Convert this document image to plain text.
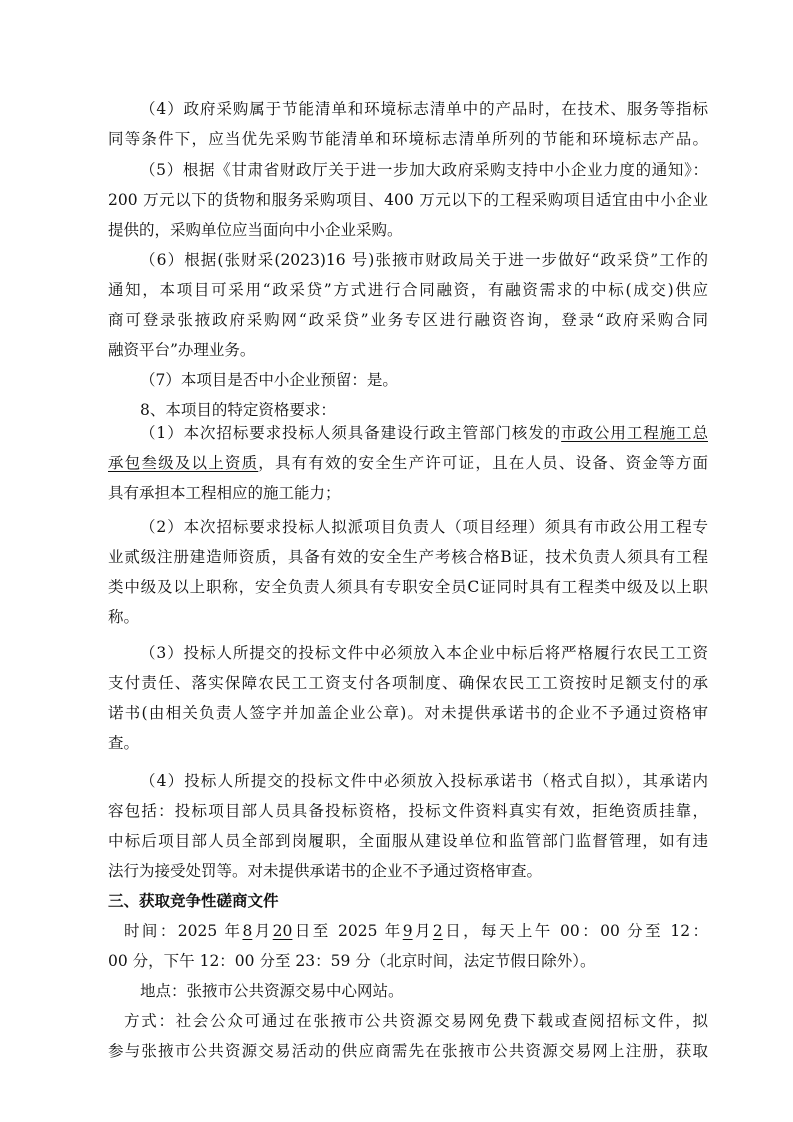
（4）政府采购属于节能清单和环境标志清单中的产品时，在技术、服务等指标
同等条件下，应当优先采购节能清单和环境标志清单所列的节能和环境标志产品。
（5）根据《甘肃省财政厅关于进一步加大政府采购支持中小企业力度的通知》：
200 万元以下的货物和服务采购项目、400 万元以下的工程采购项目适宜由中小企业
提供的，采购单位应当面向中小企业采购。
（6）根据(张财采(2023)16 号)张掖市财政局关于进一步做好“政采贷”工作的
通知，本项目可采用“政采贷”方式进行合同融资，有融资需求的中标(成交)供应
商可登录张掖政府采购网“政采贷”业务专区进行融资咨询，登录“政府采购合同
融资平台”办理业务。
（7）本项目是否中小企业预留：是。
8、本项目的特定资格要求：
（1）本次招标要求投标人须具备建设行政主管部门核发的市政公用工程施工总
承包叁级及以上资质，具有有效的安全生产许可证，且在人员、设备、资金等方面
具有承担本工程相应的施工能力；
（2）本次招标要求投标人拟派项目负责人（项目经理）须具有市政公用工程专
业贰级注册建造师资质，具备有效的安全生产考核合格B证，技术负责人须具有工程
类中级及以上职称，安全负责人须具有专职安全员C证同时具有工程类中级及以上职
称。
（3）投标人所提交的投标文件中必须放入本企业中标后将严格履行农民工工资
支付责任、落实保障农民工工资支付各项制度、确保农民工工资按时足额支付的承
诺书(由相关负责人签字并加盖企业公章)。对未提供承诺书的企业不予通过资格审
查。
（4）投标人所提交的投标文件中必须放入投标承诺书（格式自拟），其承诺内
容包括：投标项目部人员具备投标资格，投标文件资料真实有效，拒绝资质挂靠，
中标后项目部人员全部到岗履职，全面服从建设单位和监管部门监督管理，如有违
法行为接受处罚等。对未提供承诺书的企业不予通过资格审查。
三、获取竞争性磋商文件
时间：2025 年8月20日至 2025 年9月2日，每天上午 00：00 分至 12：
00 分，下午 12：00 分至 23：59 分（北京时间，法定节假日除外）。
地点：张掖市公共资源交易中心网站。
方式：社会公众可通过在张掖市公共资源交易网免费下载或查阅招标文件，拟
参与张掖市公共资源交易活动的供应商需先在张掖市公共资源交易网上注册，获取
